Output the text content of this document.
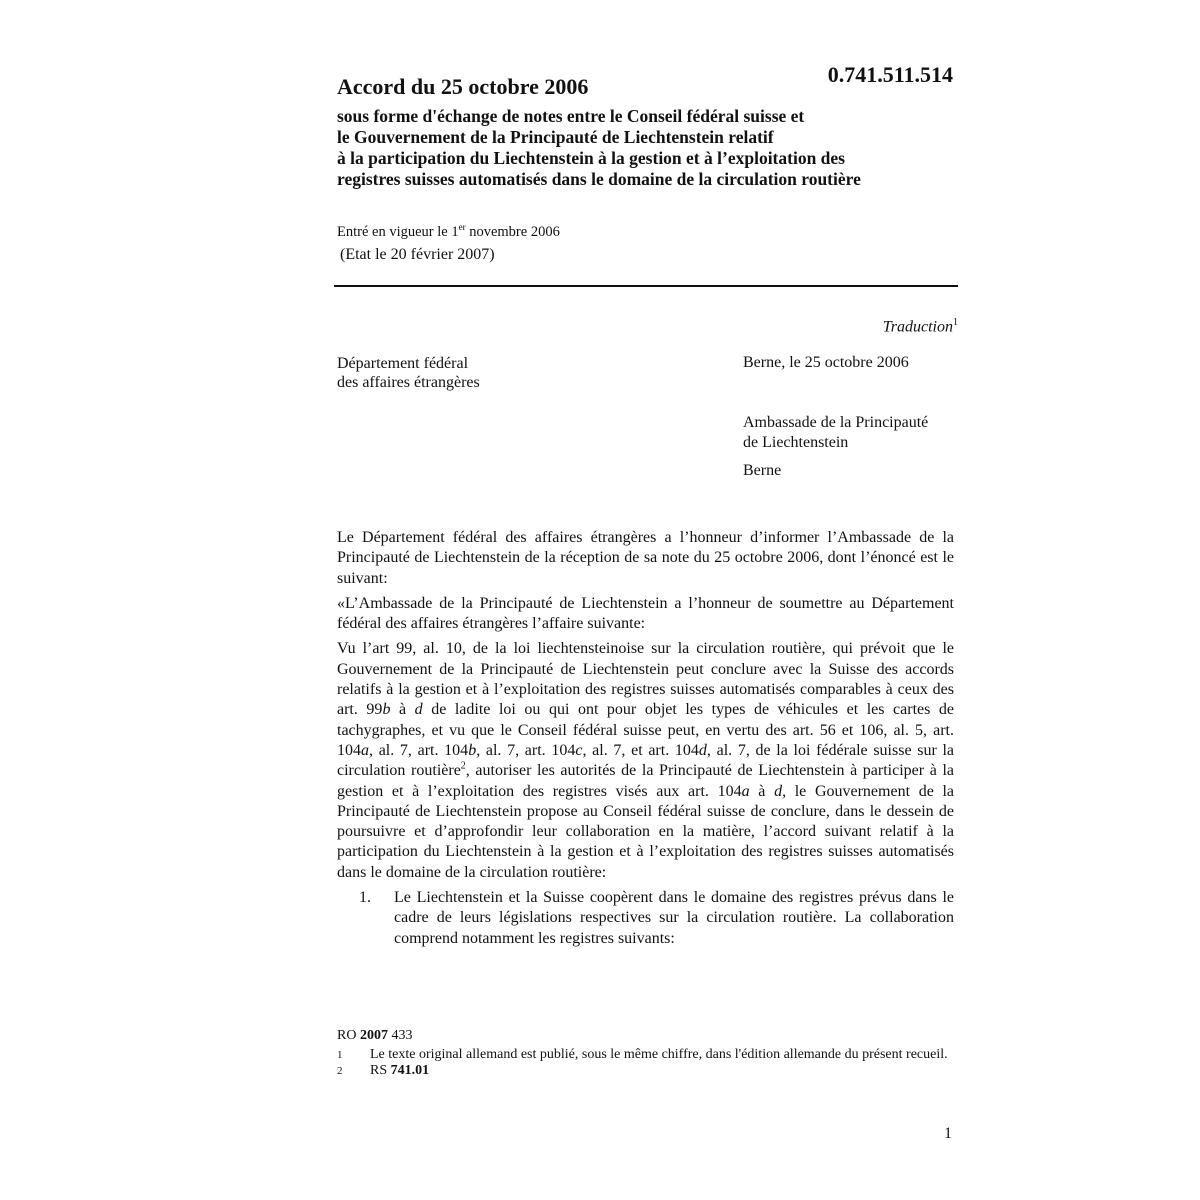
Accord du 25 octobre 2006	0.741.511.514
sous forme d'échange de notes entre le Conseil fédéral suisse et
le Gouvernement de la Principauté de Liechtenstein relatif
à la participation du Liechtenstein à la gestion et à l’exploitation des
registres suisses automatisés dans le domaine de la circulation routière
Entré en vigueur le 1er novembre 2006
(Etat le 20 février 2007)
Traduction$^1$
Département fédéral
des affaires étrangères
Berne, le 25 octobre 2006
Ambassade de la Principauté
de Liechtenstein
Berne

Le Département fédéral des affaires étrangères a l’honneur d’informer l’Ambassade de la Principauté de Liechtenstein de la réception de sa note du 25 octobre 2006, dont l’énoncé est le suivant:

«L’Ambassade de la Principauté de Liechtenstein a l’honneur de soumettre au Département fédéral des affaires étrangères l’affaire suivante:

Vu l’art 99, al. 10, de la loi liechtensteinoise sur la circulation routière, qui prévoit que le Gouvernement de la Principauté de Liechtenstein peut conclure avec la Suisse des accords relatifs à la gestion et à l’exploitation des registres suisses automatisés comparables à ceux des art. 99b à d de ladite loi ou qui ont pour objet les types de véhicules et les cartes de tachygraphes, et vu que le Conseil fédéral suisse peut, en vertu des art. 56 et 106, al. 5, art. 104a, al. 7, art. 104b, al. 7, art. 104c, al. 7, et art. 104d, al. 7, de la loi fédérale suisse sur la circulation routière$^2$, autoriser les autorités de la Principauté de Liechtenstein à participer à la gestion et à l’exploitation des registres visés aux art. 104a à d, le Gouvernement de la Principauté de Liechtenstein propose au Conseil fédéral suisse de conclure, dans le dessein de poursuivre et d’approfondir leur collaboration en la matière, l’accord suivant relatif à la participation du Liechtenstein à la gestion et à l’exploitation des registres suisses automatisés dans le domaine de la circulation routière:

1.	Le Liechtenstein et la Suisse coopèrent dans le domaine des registres prévus dans le cadre de leurs législations respectives sur la circulation routière. La collaboration comprend notamment les registres suivants:
RO 2007 433
1	Le texte original allemand est publié, sous le même chiffre, dans l'édition allemande du présent recueil.
2	RS 741.01
1
